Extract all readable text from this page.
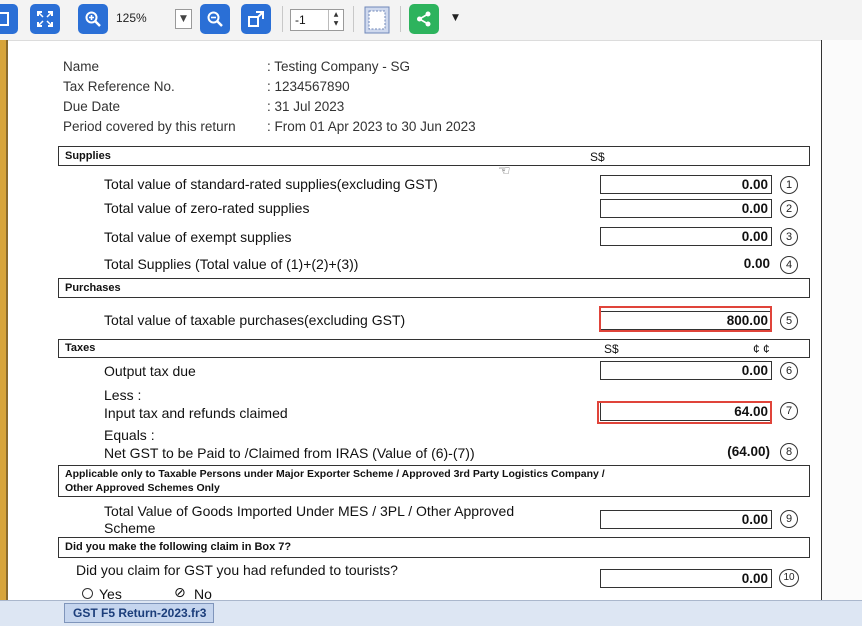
125%	▼	-1	▲
▼
▼
Name	: Testing Company - SG
Tax Reference No.	: 1234567890
Due Date	: 31 Jul 2023
Period covered by this return : From 01 Apr 2023 to 30 Jun 2023
Supplies	S$
☜
Total value of standard-rated supplies(excluding GST)	0.00	1
Total value of zero-rated supplies	0.00	2
Total value of exempt supplies	0.00	3
Total Supplies (Total value of (1)+(2)+(3))	0.00	4
Purchases
Total value of taxable purchases(excluding GST)	800.00	5
Taxes	S$	¢ ¢
Output tax due	0.00	6
Less :
Input tax and refunds claimed	64.00	7
Equals :
Net GST to be Paid to /Claimed from IRAS (Value of (6)-(7))	(64.00)	8
Applicable only to Taxable Persons under Major Exporter Scheme / Approved 3rd Party Logistics Company /
Other Approved Schemes Only
Total Value of Goods Imported Under MES / 3PL / Other Approved
Scheme
0.00	9
Did you make the following claim in Box 7?
Did you claim for GST you had refunded to tourists?
0.00	10
Yes	⊘ No
GST F5 Return-2023.fr3
